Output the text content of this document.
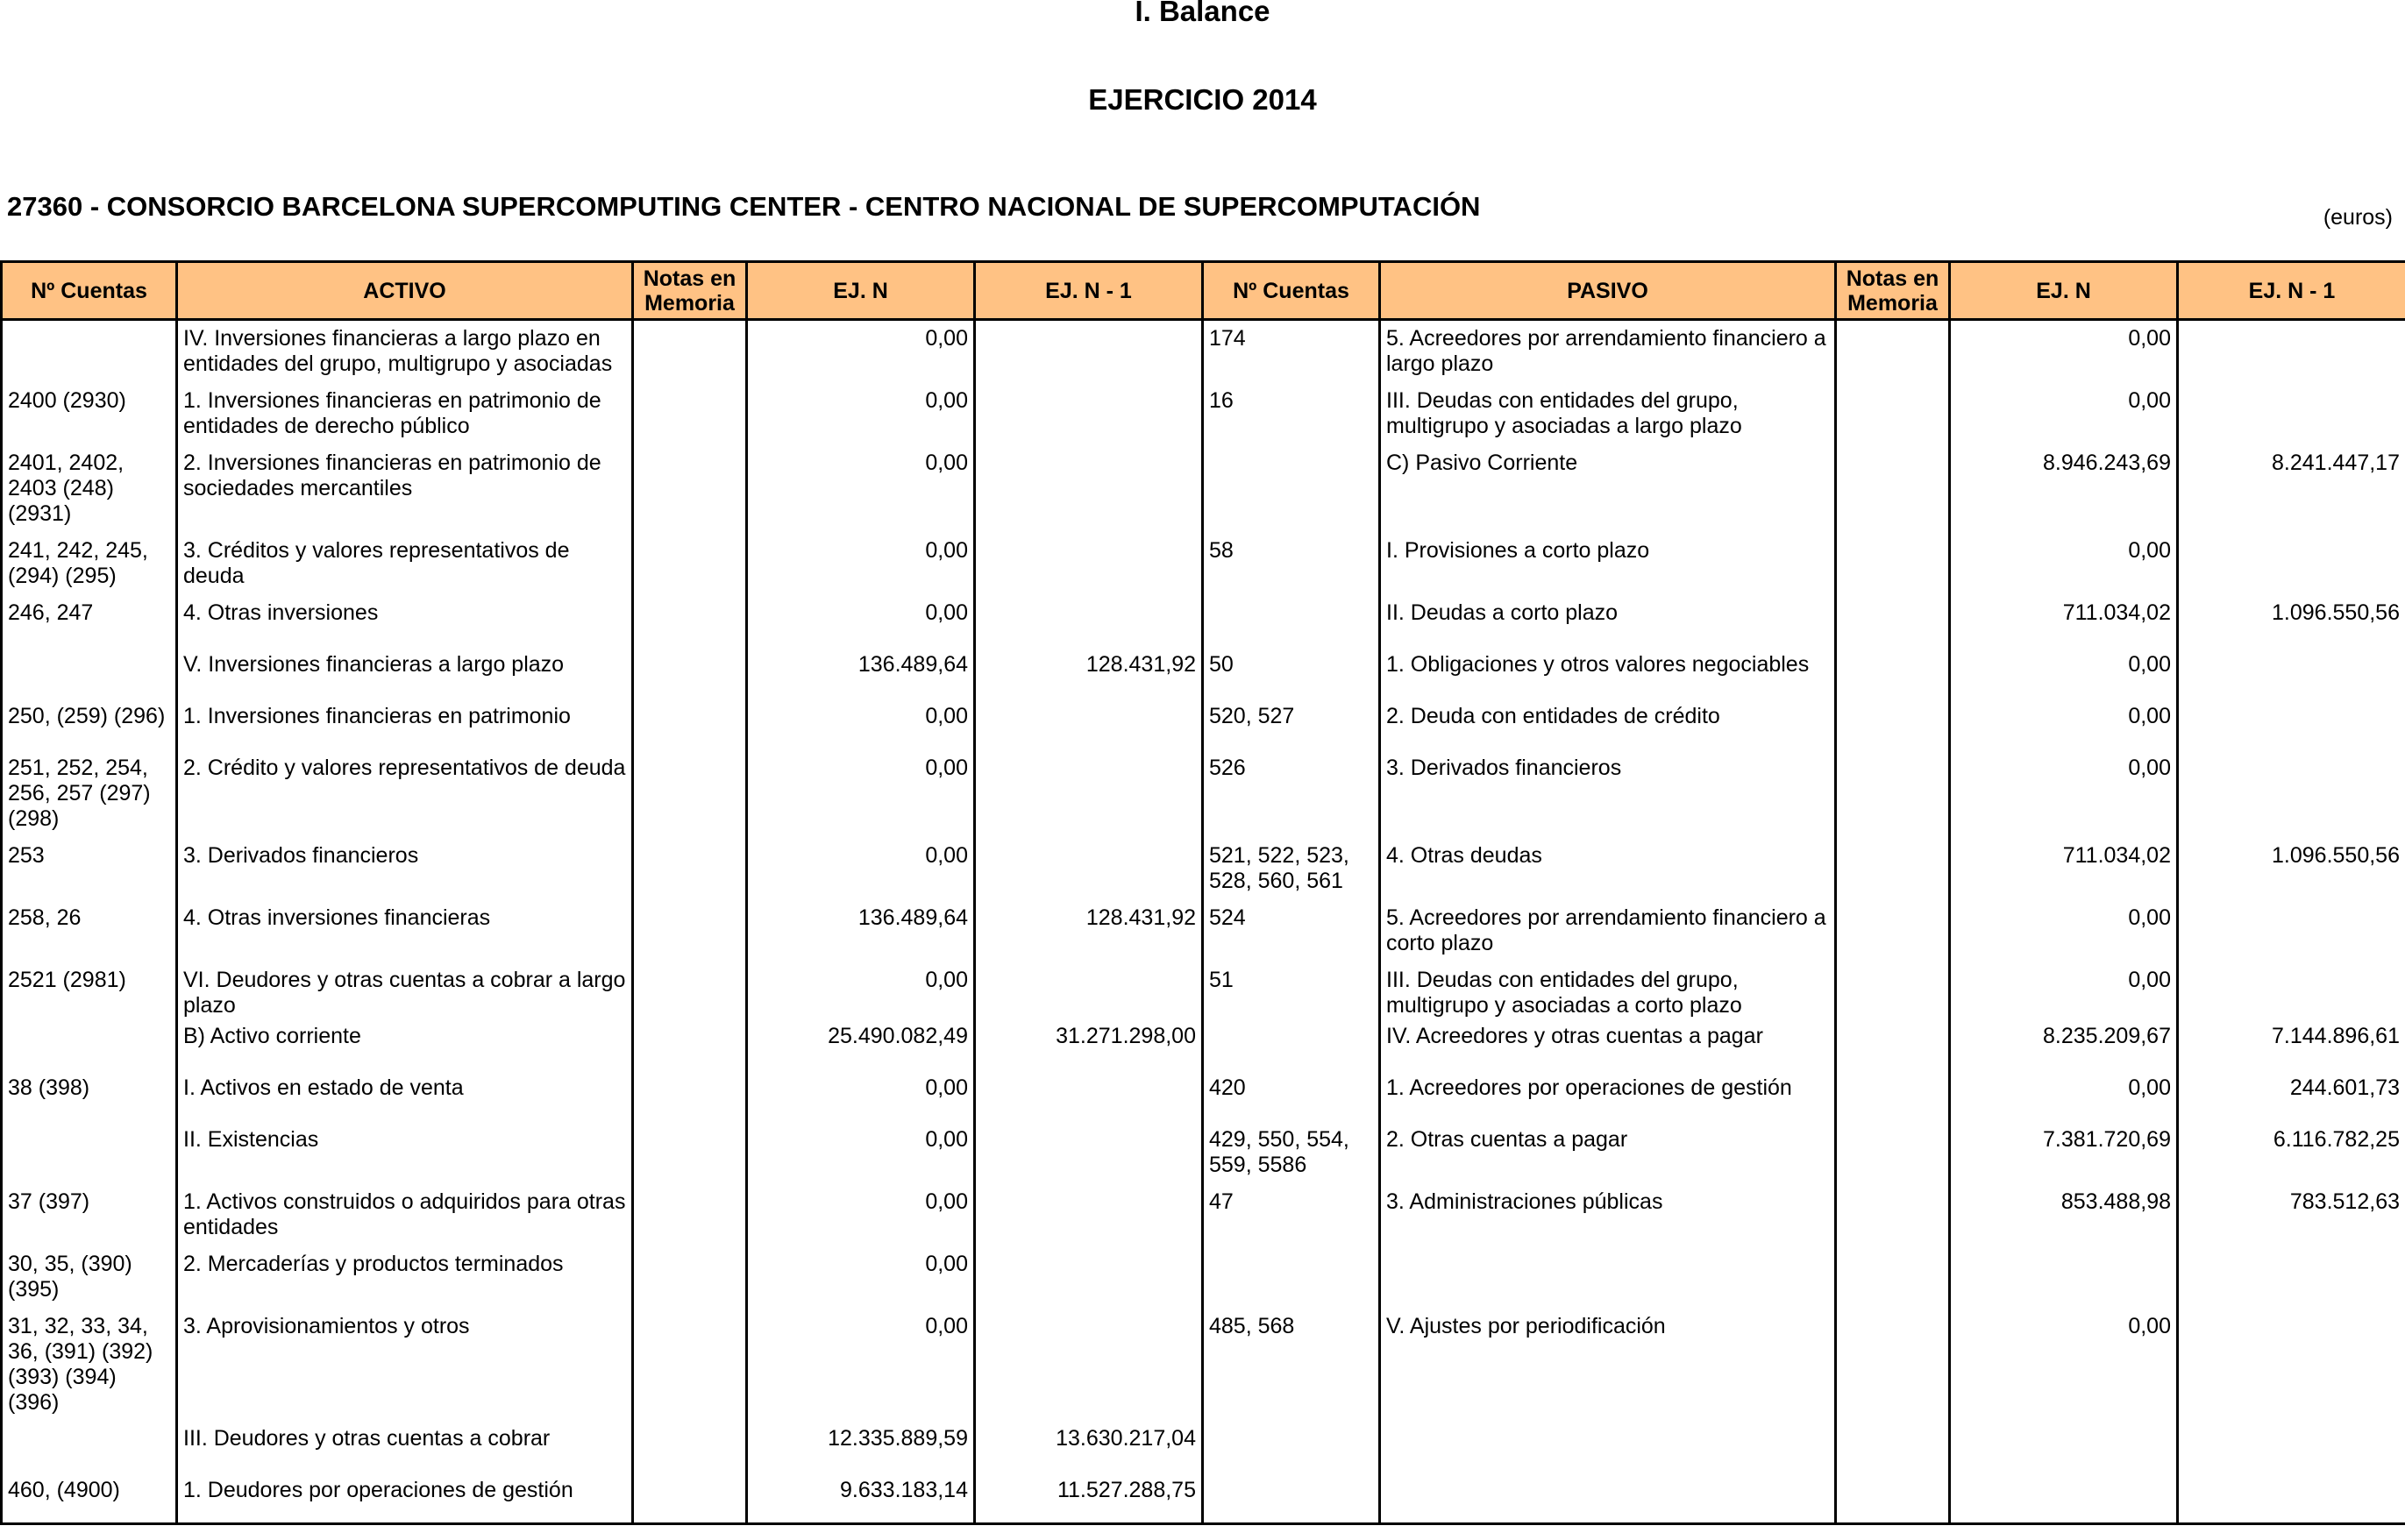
I. Balance
EJERCICIO 2014
27360 - CONSORCIO BARCELONA SUPERCOMPUTING CENTER - CENTRO NACIONAL DE SUPERCOMPUTACIÓN	(euros)
Nº Cuentas	ACTIVO	Notas en Memoria	EJ. N	EJ. N - 1	Nº Cuentas	PASIVO	Notas en Memoria	EJ. N	EJ. N - 1
	IV. Inversiones financieras a largo plazo en entidades del grupo, multigrupo y asociadas		0,00		174	5. Acreedores por arrendamiento financiero a largo plazo		0,00	
2400 (2930)	1. Inversiones financieras en patrimonio de entidades de derecho público		0,00		16	III. Deudas con entidades del grupo, multigrupo y asociadas a largo plazo		0,00	
2401, 2402, 2403 (248) (2931)	2. Inversiones financieras en patrimonio de sociedades mercantiles		0,00			C) Pasivo Corriente		8.946.243,69	8.241.447,17
241, 242, 245, (294) (295)	3. Créditos y valores representativos de deuda		0,00		58	I. Provisiones a corto plazo		0,00	
246, 247	4. Otras inversiones		0,00			II. Deudas a corto plazo		711.034,02	1.096.550,56
	V. Inversiones financieras a largo plazo		136.489,64	128.431,92	50	1. Obligaciones y otros valores negociables		0,00	
250, (259) (296)	1. Inversiones financieras en patrimonio		0,00		520, 527	2. Deuda con entidades de crédito		0,00	
251, 252, 254, 256, 257 (297) (298)	2. Crédito y valores representativos de deuda		0,00		526	3. Derivados financieros		0,00	
253	3. Derivados financieros		0,00		521, 522, 523, 528, 560, 561	4. Otras deudas		711.034,02	1.096.550,56
258, 26	4. Otras inversiones financieras		136.489,64	128.431,92	524	5. Acreedores por arrendamiento financiero a corto plazo		0,00	
2521 (2981)	VI. Deudores y otras cuentas a cobrar a largo plazo		0,00		51	III. Deudas con entidades del grupo, multigrupo y asociadas a corto plazo		0,00	
	B) Activo corriente		25.490.082,49	31.271.298,00		IV. Acreedores y otras cuentas a pagar		8.235.209,67	7.144.896,61
38 (398)	I. Activos en estado de venta		0,00		420	1. Acreedores por operaciones de gestión		0,00	244.601,73
	II. Existencias		0,00		429, 550, 554, 559, 5586	2. Otras cuentas a pagar		7.381.720,69	6.116.782,25
37 (397)	1. Activos construidos o adquiridos para otras entidades		0,00		47	3. Administraciones públicas		853.488,98	783.512,63
30, 35, (390) (395)	2. Mercaderías y productos terminados		0,00						
31, 32, 33, 34, 36, (391) (392) (393) (394) (396)	3. Aprovisionamientos y otros		0,00		485, 568	V. Ajustes por periodificación		0,00	
	III. Deudores y otras cuentas a cobrar		12.335.889,59	13.630.217,04					
460, (4900)	1. Deudores por operaciones de gestión		9.633.183,14	11.527.288,75					
